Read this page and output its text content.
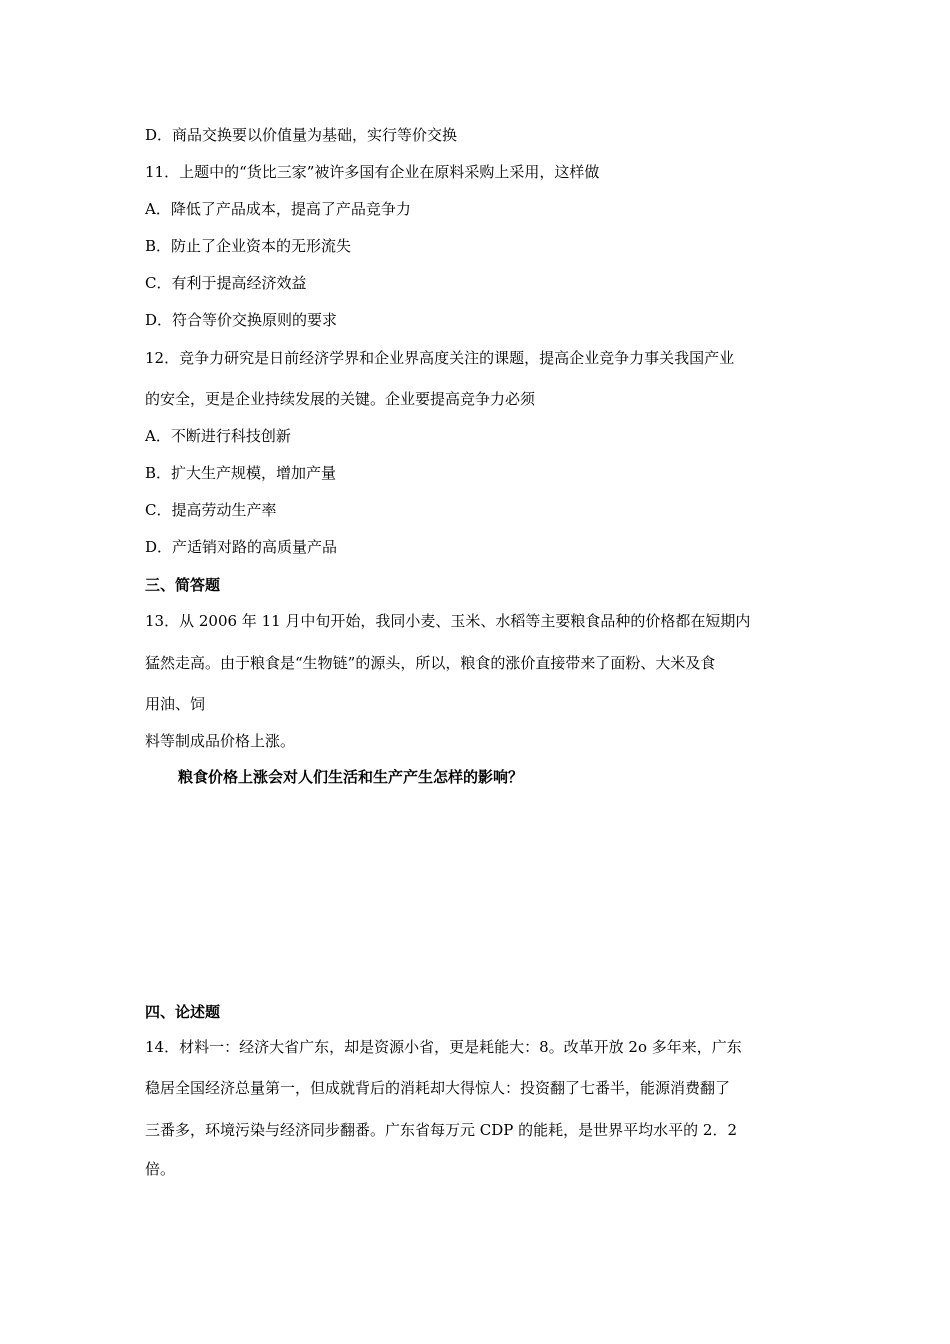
D．商品交换要以价值量为基础，实行等价交换
11．上题中的“货比三家”被许多国有企业在原料采购上采用，这样做
A．降低了产品成本，提高了产品竞争力
B．防止了企业资本的无形流失
C．有利于提高经济效益
D．符合等价交换原则的要求
12．竞争力研究是日前经济学界和企业界高度关注的课题，提高企业竞争力事关我国产业
的安全，更是企业持续发展的关键。企业要提高竞争力必须
A．不断进行科技创新
B．扩大生产规模，增加产量
C．提高劳动生产率
D．产适销对路的高质量产品
三、简答题
13．从 2006 年 11 月中旬开始，我同小麦、玉米、水稻等主要粮食品种的价格都在短期内
猛然走高。由于粮食是“生物链”的源头，所以，粮食的涨价直接带来了面粉、大米及食
用油、饲
料等制成品价格上涨。
粮食价格上涨会对人们生活和生产产生怎样的影响？
四、论述题
14．材料一：经济大省广东，却是资源小省，更是耗能大：8。改革开放 2o 多年来，广东
稳居全国经济总量第一，但成就背后的消耗却大得惊人：投资翻了七番半，能源消费翻了
三番多，环境污染与经济同步翻番。广东省每万元 CDP 的能耗，是世界平均水平的 2．2
倍。
